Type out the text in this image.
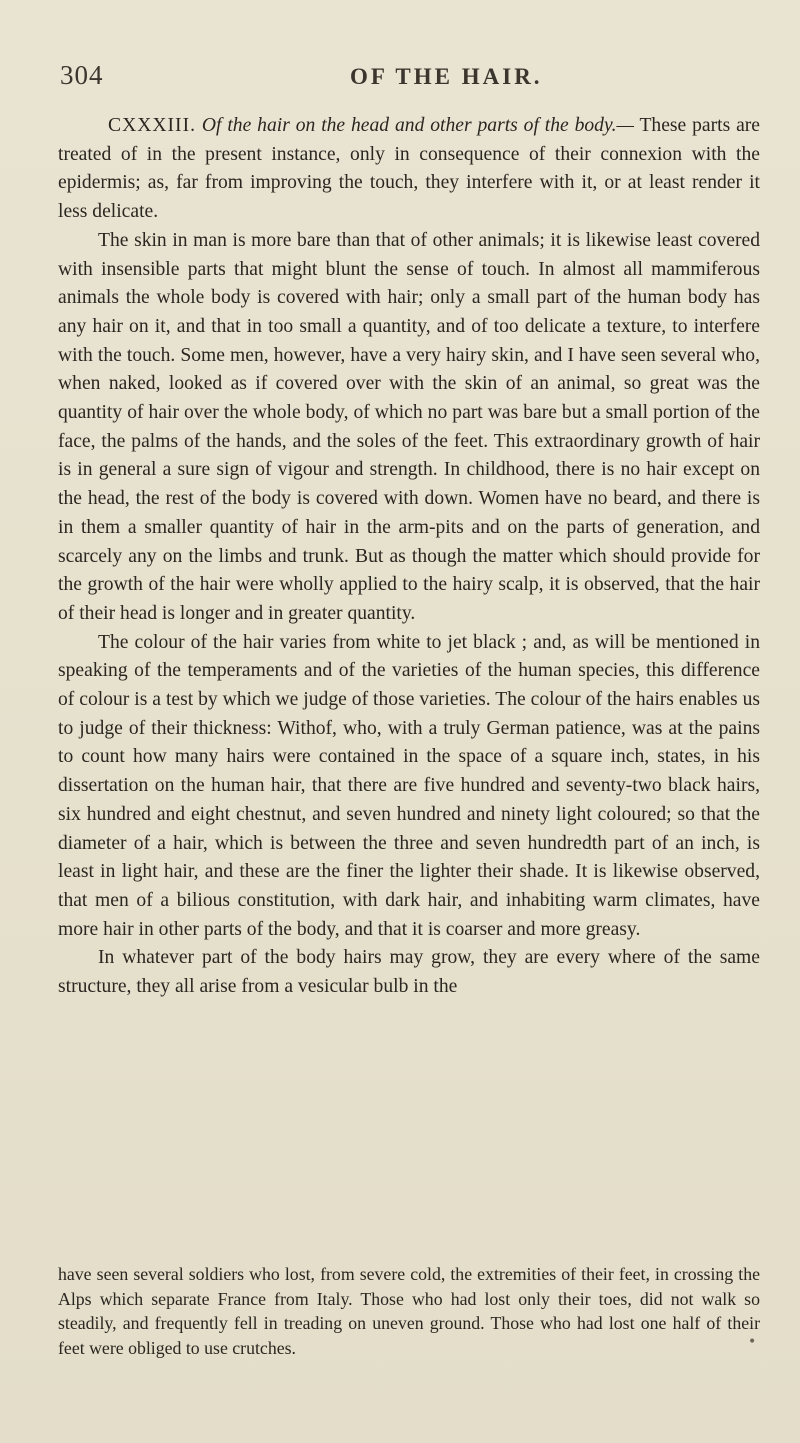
304	OF THE HAIR.

CXXXIII. Of the hair on the head and other parts of the body.— These parts are treated of in the present instance, only in consequence of their connexion with the epidermis; as, far from improving the touch, they interfere with it, or at least render it less delicate.

The skin in man is more bare than that of other animals; it is likewise least covered with insensible parts that might blunt the sense of touch. In almost all mammiferous animals the whole body is covered with hair; only a small part of the human body has any hair on it, and that in too small a quantity, and of too delicate a texture, to interfere with the touch. Some men, however, have a very hairy skin, and I have seen several who, when naked, looked as if covered over with the skin of an animal, so great was the quantity of hair over the whole body, of which no part was bare but a small portion of the face, the palms of the hands, and the soles of the feet. This extraordinary growth of hair is in general a sure sign of vigour and strength. In childhood, there is no hair except on the head, the rest of the body is covered with down. Women have no beard, and there is in them a smaller quantity of hair in the arm-pits and on the parts of generation, and scarcely any on the limbs and trunk. But as though the matter which should provide for the growth of the hair were wholly applied to the hairy scalp, it is observed, that the hair of their head is longer and in greater quantity.

The colour of the hair varies from white to jet black ; and, as will be mentioned in speaking of the temperaments and of the varieties of the human species, this difference of colour is a test by which we judge of those varieties. The colour of the hairs enables us to judge of their thickness: Withof, who, with a truly German patience, was at the pains to count how many hairs were contained in the space of a square inch, states, in his dissertation on the human hair, that there are five hundred and seventy-two black hairs, six hundred and eight chestnut, and seven hundred and ninety light coloured; so that the diameter of a hair, which is between the three and seven hundredth part of an inch, is least in light hair, and these are the finer the lighter their shade. It is likewise observed, that men of a bilious constitution, with dark hair, and inhabiting warm climates, have more hair in other parts of the body, and that it is coarser and more greasy.

In whatever part of the body hairs may grow, they are every where of the same structure, they all arise from a vesicular bulb in the

have seen several soldiers who lost, from severe cold, the extremities of their feet, in crossing the Alps which separate France from Italy. Those who had lost only their toes, did not walk so steadily, and frequently fell in treading on uneven ground. Those who had lost one half of their feet were obliged to use crutches.	•
